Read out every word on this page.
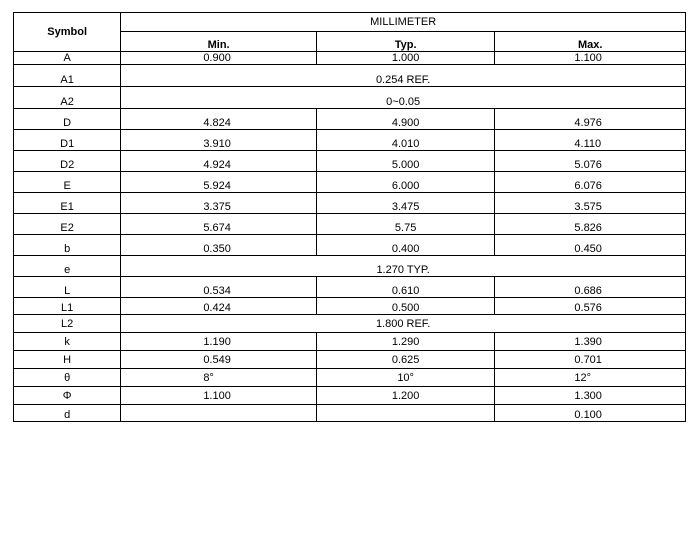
Symbol	MILLIMETER		
	Min.	Typ.	Max.
A	0.900	1.000	1.100
A1	0.254 REF.		
A2	0~0.05		
D	4.824	4.900	4.976
D1	3.910	4.010	4.110
D2	4.924	5.000	5.076
E	5.924	6.000	6.076
E1	3.375	3.475	3.575
E2	5.674	5.75	5.826
b	0.350	0.400	0.450
e	1.270 TYP.		
L	0.534	0.610	0.686
L1	0.424	0.500	0.576
L2	1.800 REF.		
k	1.190	1.290	1.390
H	0.549	0.625	0.701
θ	8°	10°	12°
Φ	1.100	1.200	1.300
d			0.100
